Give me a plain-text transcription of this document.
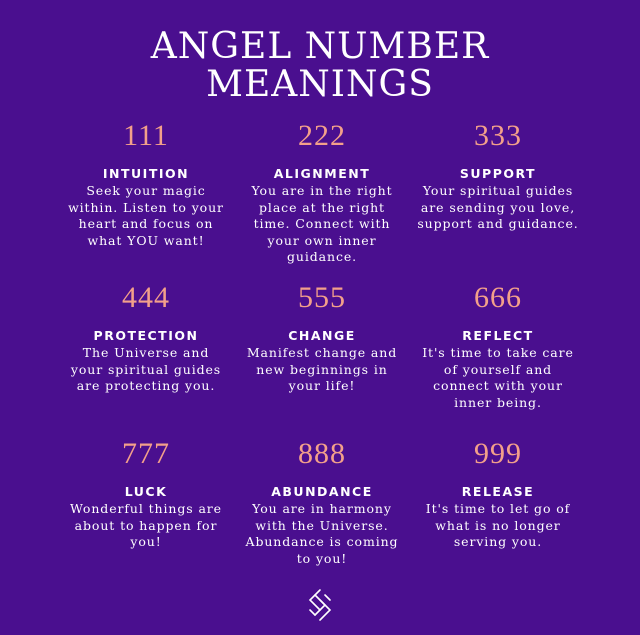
ANGEL NUMBER
MEANINGS
111
INTUITION
Seek your magic
within. Listen to your
heart and focus on
what YOU want!
222
ALIGNMENT
You are in the right
place at the right
time. Connect with
your own inner
guidance.
333
SUPPORT
Your spiritual guides
are sending you love,
support and guidance.
444
PROTECTION
The Universe and
your spiritual guides
are protecting you.
555
CHANGE
Manifest change and
new beginnings in
your life!
666
REFLECT
It's time to take care
of yourself and
connect with your
inner being.
777
LUCK
Wonderful things are
about to happen for
you!
888
ABUNDANCE
You are in harmony
with the Universe.
Abundance is coming
to you!
999
RELEASE
It's time to let go of
what is no longer
serving you.
